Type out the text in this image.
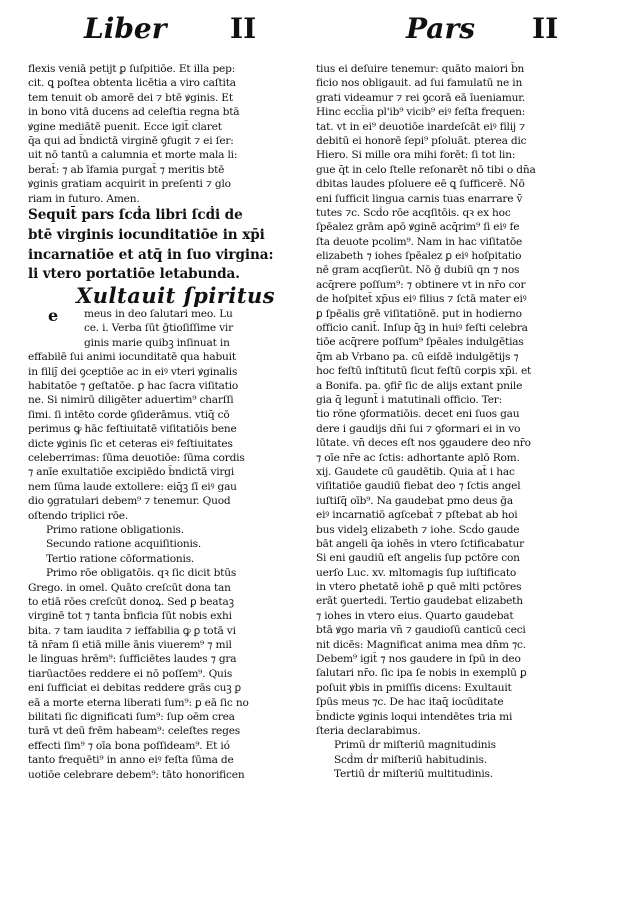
Liber II	Pars II
e
flexis veniā petijt ꝑ ſuſpitiōe. Et illa pep:
cit. ꝗ poſtea obtenta licētia a viro caſtita
tem tenuit ob amorē dei ⁊ btē ꝟginis. Et
in bono vitā ducens ad celeſtia regna btā
ꝟgine mediātē puenit. Ecce igit̄ claret
q̄a qui ad b̄ndictā virginē ꝯfugit ⁊ ei ſer:
uit nō tantū a calumnia et morte mala li:
berat̄: ⁊ ab īfamia purgat̄ ⁊ meritis btē
ꝟginis gratiam acquirit in preſenti ⁊ glo
riam in futuro. Amen.
Sequit̄ pars ſcḋa libri ſcḋi de
btē virginis iocunditatiōe in xp̄i
incarnatiōe et atq̄ in ſuo virgina:
li vtero portatiōe letabunda.
Xultauit ſpiritus
meus in deo ſalutari meo. Lu
ce. i. Verba ſūt ḡtioſiſſime vir
ginis marie quibꝫ inſinuat in
effabilē ſui animi iocunditatē qua habuit
in filiȷ̄ dei ꝯceptiōe ac in eiꝰ vteri ꝟginalis
habitatōe ⁊ geſtatōe. ꝑ hac ſacra viſitatio
ne. Si nimirū diligēter aduertim⁹ charſſi
ſimi. ſi intēto corde ꝯſiderāmus. vtiq̄ cō
perimus ꝙ hāc feſtiuitatē viſitatiōis bene
dicte ꝟginis ſic et ceteras eiꝰ feſtiuitates
celeberrimas: ſūma deuotiōe: ſūma cordis
⁊ anīe exultatiōe excipiēdo b̄ndictā virgi
nem ſūma laude extollere: eiq̄ꝫ ſī eiꝰ gau
dio ꝯgratulari debem⁹ ⁊ tenemur. Quod
oſtendo triplici rōe.
Primo ratione obligationis.
Secundo ratione acquiſitionis.
Tertio ratione cōformationis.
Primo rōe obligatōis. qꝛ ſic dicit btūs
Grego. in omel. Quāto creſcūt dona tan
to etiā rōes creſcūt donoꝝ. Sed ꝑ beataꝫ
virginē tot ⁊ tanta b̄nficia ſūt nobis exhi
bita. ⁊ tam iaudita ⁊ ieffabilia ꝙ ꝑ totā vi
tā nr̄am ſi etiā mille ānis viuerem⁹ ⁊ mil
le linguas hrēm⁹: ſufficiētes laudes ⁊ gra
tiarūactōes reddere ei nō poſſem⁹. Quis
eni ſufficiat ei debitas reddere grās cuꝫ ꝑ
eā a morte eterna liberati ſum⁹: ꝑ eā ſic no
bilitati ſic dignificati ſum⁹: ſup oēm crea
turā vt deū frēm habeam⁹: celeſtes reges
effecti ſim⁹ ⁊ oīa bona poſſideam⁹. Et ió
tanto frequēti⁹ in anno eiꝰ feſta ſūma de
uotiōe celebrare debem⁹: tāto honorificen
tius ei deſuire tenemur: quāto maiori b̄n
ficio nos obligauit. ad ſui famulatū ne in
grati videamur ⁊ rei ꝯcorā eā īueniamur.
Hinc eccl̄ia pl'ib⁹ vicib⁹ eiꝰ feſta frequen:
tat. vt in ei⁹ deuotiōe inardeſcāt eiꝰ filij ⁊
debitū ei honorē ſepi⁹ pſoluāt. pterea dic
Hiero. Si mille ora mihi forēt: ſi tot lin:
gue q̄t in celo ſtelle reſonarēt nō tibi o dn̄a
dbitas laudes pſoluere eē ꝗ ſufficerē. Nō
eni ſufficit lingua carnis tuas enarrare v̄
tutes ⁊c. Scḋo rōe acqſitōis. qꝛ ex hoc
ſpēalez grām apō ꝟginē acq̄rim⁹ ſi eiꝰ fe
ſta deuote pcolim⁹. Nam in hac viſitatōe
elizabeth ⁊ iohes ſpēalez ꝑ eiꝰ hoſpitatio
nē gram acqſierūt. Nō ḡ dubiū qn ⁊ nos
acq̄rere poſſum⁹: ⁊ obtinere vt in nr̄o cor
de hoſpitet̄ xp̄us eiꝰ filius ⁊ ſctā mater eiꝰ
ꝑ ſpēalis grē viſitatiōnē. put in hodierno
officio canit̄. Inſup q̄ꝫ in huiꝰ feſti celebra
tiōe acq̄rere poſſum⁹ ſpēales indulgētias
q̄m ab Vrbano pa. cū eiſdē indulgētijs ⁊
hoc feſtū inſtitutū ſicut feſtū corꝑis xp̄i. et
a Bonifa. pa. ꝯfir̄ ſic de alijs extant pnile
gia q̄ legunt̄ i matutinali officio. Ter:
tio rōne ꝯformatiōis. decet eni ſuos gau
dere i gaudijs dn̄i ſui ⁊ ꝯformari ei in vo
lūtate. vn̄ deces eſt nos ꝯgaudere deo nr̄o
⁊ oīe nr̄e ac ſctis: adhortante aplō Rom.
xij. Gaudete cū gaudētib. Quia at̄ i hac
viſitatiōe gaudiū fiebat deo ⁊ ſctis angel
iuſtiſq̄ oīb⁹. Na gaudebat pmo deus ḡa
eiꝰ incarnatiō agſcebat̄ ⁊ pſtebat ab hoi
bus videlꝫ elizabeth ⁊ iohe. Scḋo gaude
bāt angeli q̄a iohēs in vtero ſctificabatur
Si eni gaudiū eſt angelis ſup pctōre con
uerſo Luc. xv. mltomagis ſup iuſtificato
in vtero ꝑhetatē iohē ꝑ quē mlti pctōres
erāt ꝯuertedi. Tertio gaudebat elizabeth
⁊ iohes in vtero eius. Quarto gaudebat
btā ꝟgo maria vn̄ ⁊ gaudioſū canticū ceci
nit dicēs: Magnificat anima mea dn̄m ⁊c.
Debem⁹ igit̄ ⁊ nos gaudere in ſpū in deo
ſalutari nr̄o. ſic ipa ſe nobis in exemplū ꝑ
poſuit ꝟbis in pmiſſis dicens: Exultauit
ſpūs meus ⁊c. De hac itaq̄ iocūditate
b̄ndicte ꝟginis loqui intendētes tria mi
ſteria declarabimus.
Primū ḋr miſteriū magnitudinis
Scḋm ḋr miſteriū habitudinis.
Tertiū ḋr miſteriū multitudinis.
